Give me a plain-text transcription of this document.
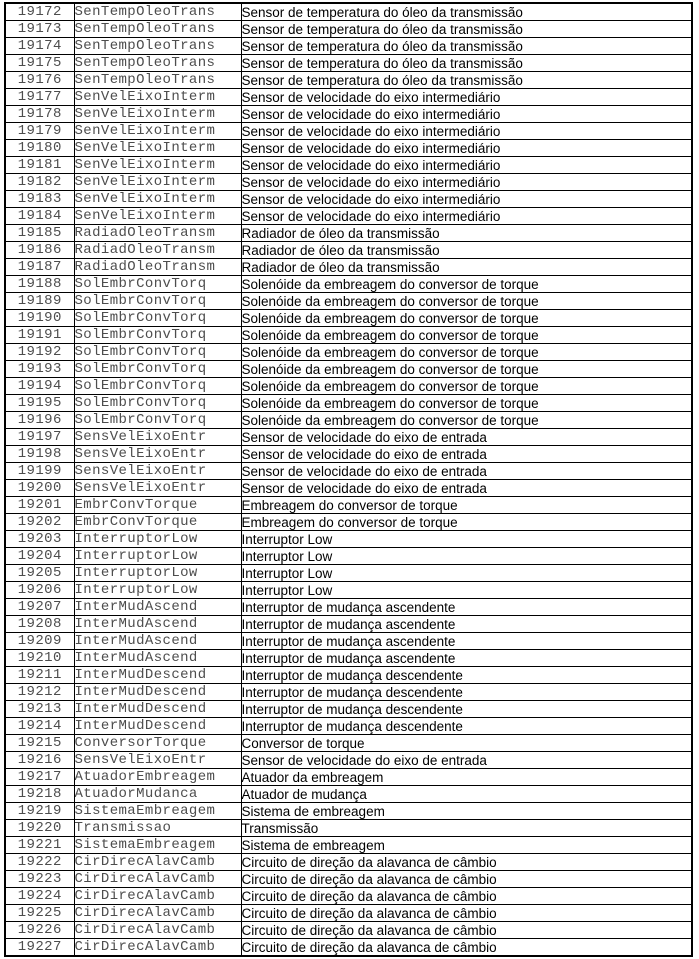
19172	SenTempOleoTrans	Sensor de temperatura do óleo da transmissão
19173	SenTempOleoTrans	Sensor de temperatura do óleo da transmissão
19174	SenTempOleoTrans	Sensor de temperatura do óleo da transmissão
19175	SenTempOleoTrans	Sensor de temperatura do óleo da transmissão
19176	SenTempOleoTrans	Sensor de temperatura do óleo da transmissão
19177	SenVelEixoInterm	Sensor de velocidade do eixo intermediário
19178	SenVelEixoInterm	Sensor de velocidade do eixo intermediário
19179	SenVelEixoInterm	Sensor de velocidade do eixo intermediário
19180	SenVelEixoInterm	Sensor de velocidade do eixo intermediário
19181	SenVelEixoInterm	Sensor de velocidade do eixo intermediário
19182	SenVelEixoInterm	Sensor de velocidade do eixo intermediário
19183	SenVelEixoInterm	Sensor de velocidade do eixo intermediário
19184	SenVelEixoInterm	Sensor de velocidade do eixo intermediário
19185	RadiadOleoTransm	Radiador de óleo da transmissão
19186	RadiadOleoTransm	Radiador de óleo da transmissão
19187	RadiadOleoTransm	Radiador de óleo da transmissão
19188	SolEmbrConvTorq	Solenóide da embreagem do conversor de torque
19189	SolEmbrConvTorq	Solenóide da embreagem do conversor de torque
19190	SolEmbrConvTorq	Solenóide da embreagem do conversor de torque
19191	SolEmbrConvTorq	Solenóide da embreagem do conversor de torque
19192	SolEmbrConvTorq	Solenóide da embreagem do conversor de torque
19193	SolEmbrConvTorq	Solenóide da embreagem do conversor de torque
19194	SolEmbrConvTorq	Solenóide da embreagem do conversor de torque
19195	SolEmbrConvTorq	Solenóide da embreagem do conversor de torque
19196	SolEmbrConvTorq	Solenóide da embreagem do conversor de torque
19197	SensVelEixoEntr	Sensor de velocidade do eixo de entrada
19198	SensVelEixoEntr	Sensor de velocidade do eixo de entrada
19199	SensVelEixoEntr	Sensor de velocidade do eixo de entrada
19200	SensVelEixoEntr	Sensor de velocidade do eixo de entrada
19201	EmbrConvTorque	Embreagem do conversor de torque
19202	EmbrConvTorque	Embreagem do conversor de torque
19203	InterruptorLow	Interruptor Low
19204	InterruptorLow	Interruptor Low
19205	InterruptorLow	Interruptor Low
19206	InterruptorLow	Interruptor Low
19207	InterMudAscend	Interruptor de mudança ascendente
19208	InterMudAscend	Interruptor de mudança ascendente
19209	InterMudAscend	Interruptor de mudança ascendente
19210	InterMudAscend	Interruptor de mudança ascendente
19211	InterMudDescend	Interruptor de mudança descendente
19212	InterMudDescend	Interruptor de mudança descendente
19213	InterMudDescend	Interruptor de mudança descendente
19214	InterMudDescend	Interruptor de mudança descendente
19215	ConversorTorque	Conversor de torque
19216	SensVelEixoEntr	Sensor de velocidade do eixo de entrada
19217	AtuadorEmbreagem	Atuador da embreagem
19218	AtuadorMudanca	Atuador de mudança
19219	SistemaEmbreagem	Sistema de embreagem
19220	Transmissao	Transmissão
19221	SistemaEmbreagem	Sistema de embreagem
19222	CirDirecAlavCamb	Circuito de direção da alavanca de câmbio
19223	CirDirecAlavCamb	Circuito de direção da alavanca de câmbio
19224	CirDirecAlavCamb	Circuito de direção da alavanca de câmbio
19225	CirDirecAlavCamb	Circuito de direção da alavanca de câmbio
19226	CirDirecAlavCamb	Circuito de direção da alavanca de câmbio
19227	CirDirecAlavCamb	Circuito de direção da alavanca de câmbio
